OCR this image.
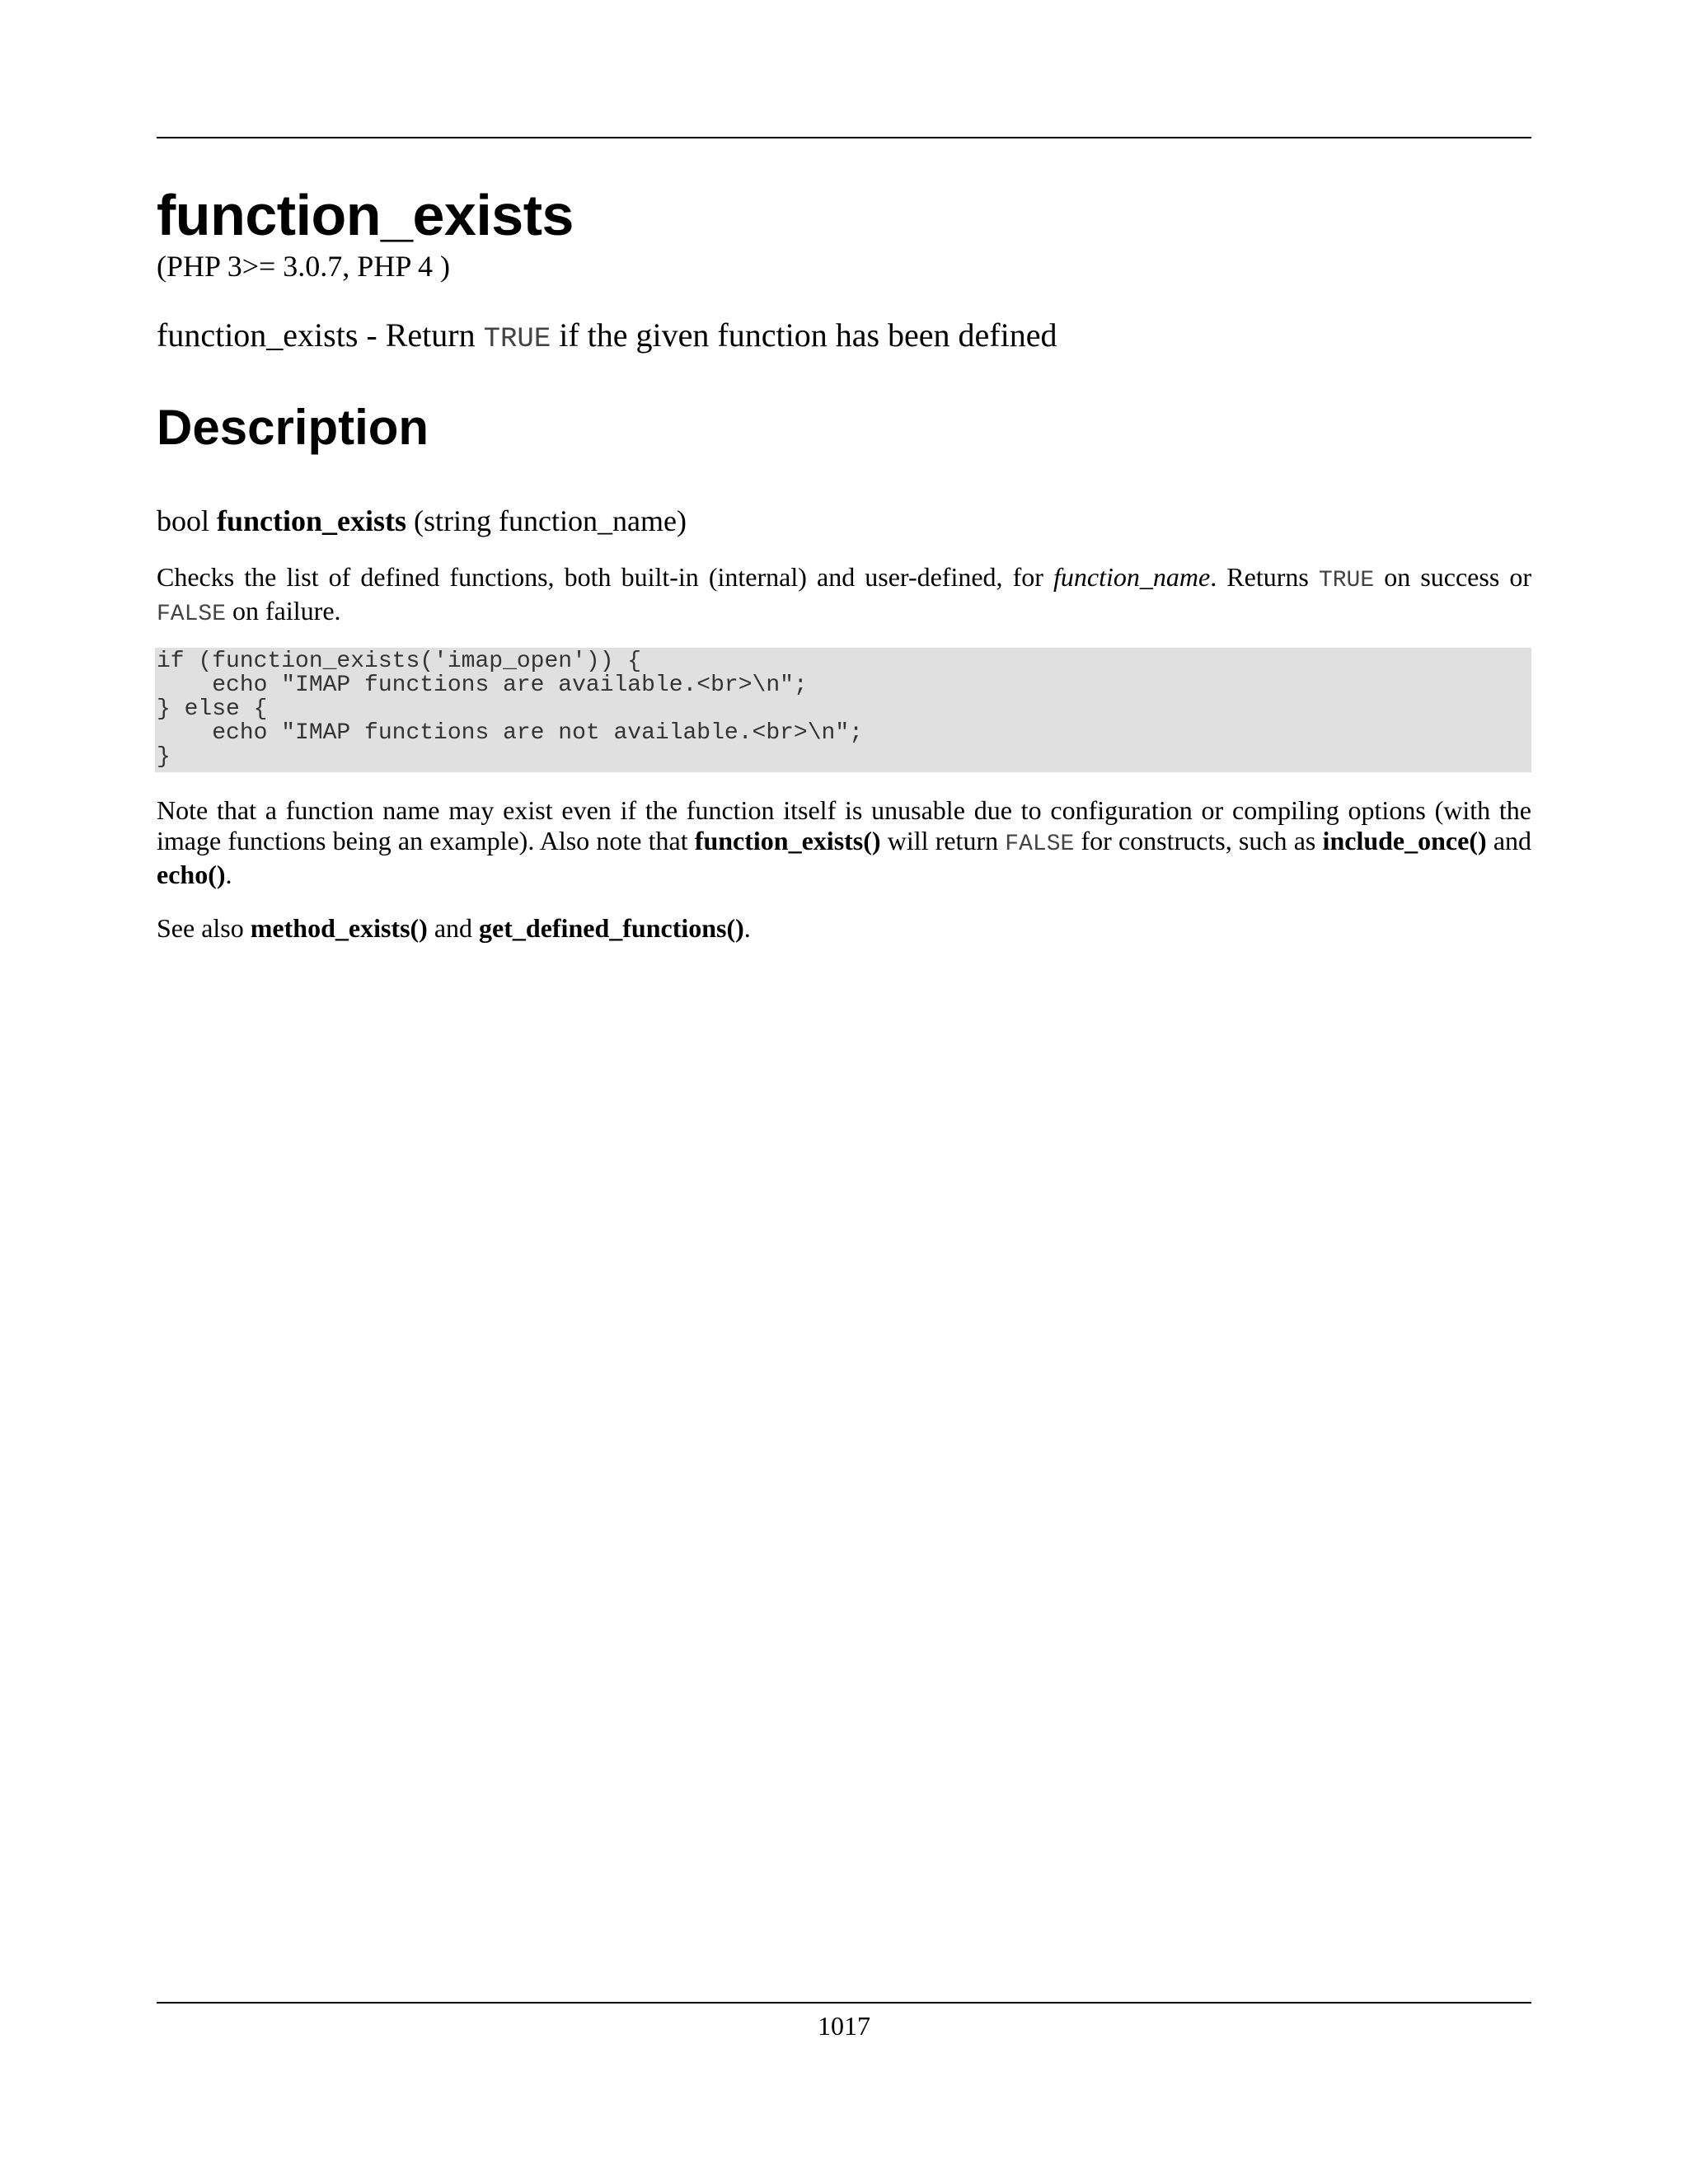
function_exists
(PHP 3>= 3.0.7, PHP 4 )
function_exists - Return TRUE if the given function has been defined
Description
bool function_exists (string function_name)

Checks the list of defined functions, both built-in (internal) and user-defined, for function_name. Returns TRUE on success or FALSE on failure.

if (function_exists('imap_open')) {
echo "IMAP functions are available.<br>\n";
} else {
echo "IMAP functions are not available.<br>\n";
}

Note that a function name may exist even if the function itself is unusable due to configuration or compiling options (with the image functions being an example). Also note that function_exists() will return FALSE for constructs, such as include_once() and echo().

See also method_exists() and get_defined_functions().

1017
